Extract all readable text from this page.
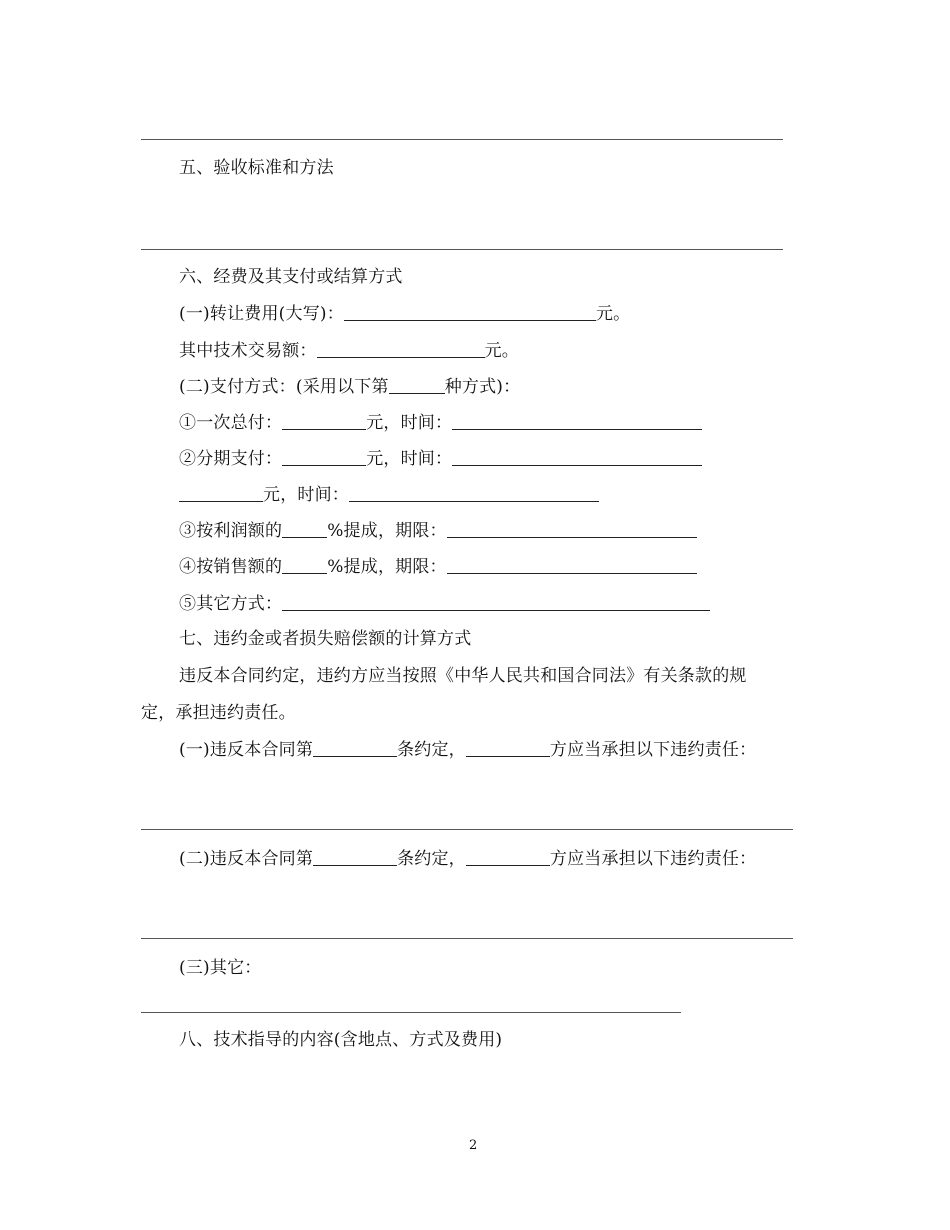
五、验收标准和方法
六、经费及其支付或结算方式
(一)转让费用(大写)：	元。
其中技术交易额：	元。
(二)支付方式：(采用以下第	种方式)：
①一次总付：	元，时间：
②分期支付：	元，时间：
元，时间：
③按利润额的	%提成，期限：
④按销售额的	%提成，期限：
⑤其它方式：
七、违约金或者损失赔偿额的计算方式
违反本合同约定，违约方应当按照《中华人民共和国合同法》有关条款的规
定，承担违约责任。
(一)违反本合同第	条约定，	方应当承担以下违约责任：
(二)违反本合同第	条约定，	方应当承担以下违约责任：
(三)其它：
八、技术指导的内容(含地点、方式及费用)
2
